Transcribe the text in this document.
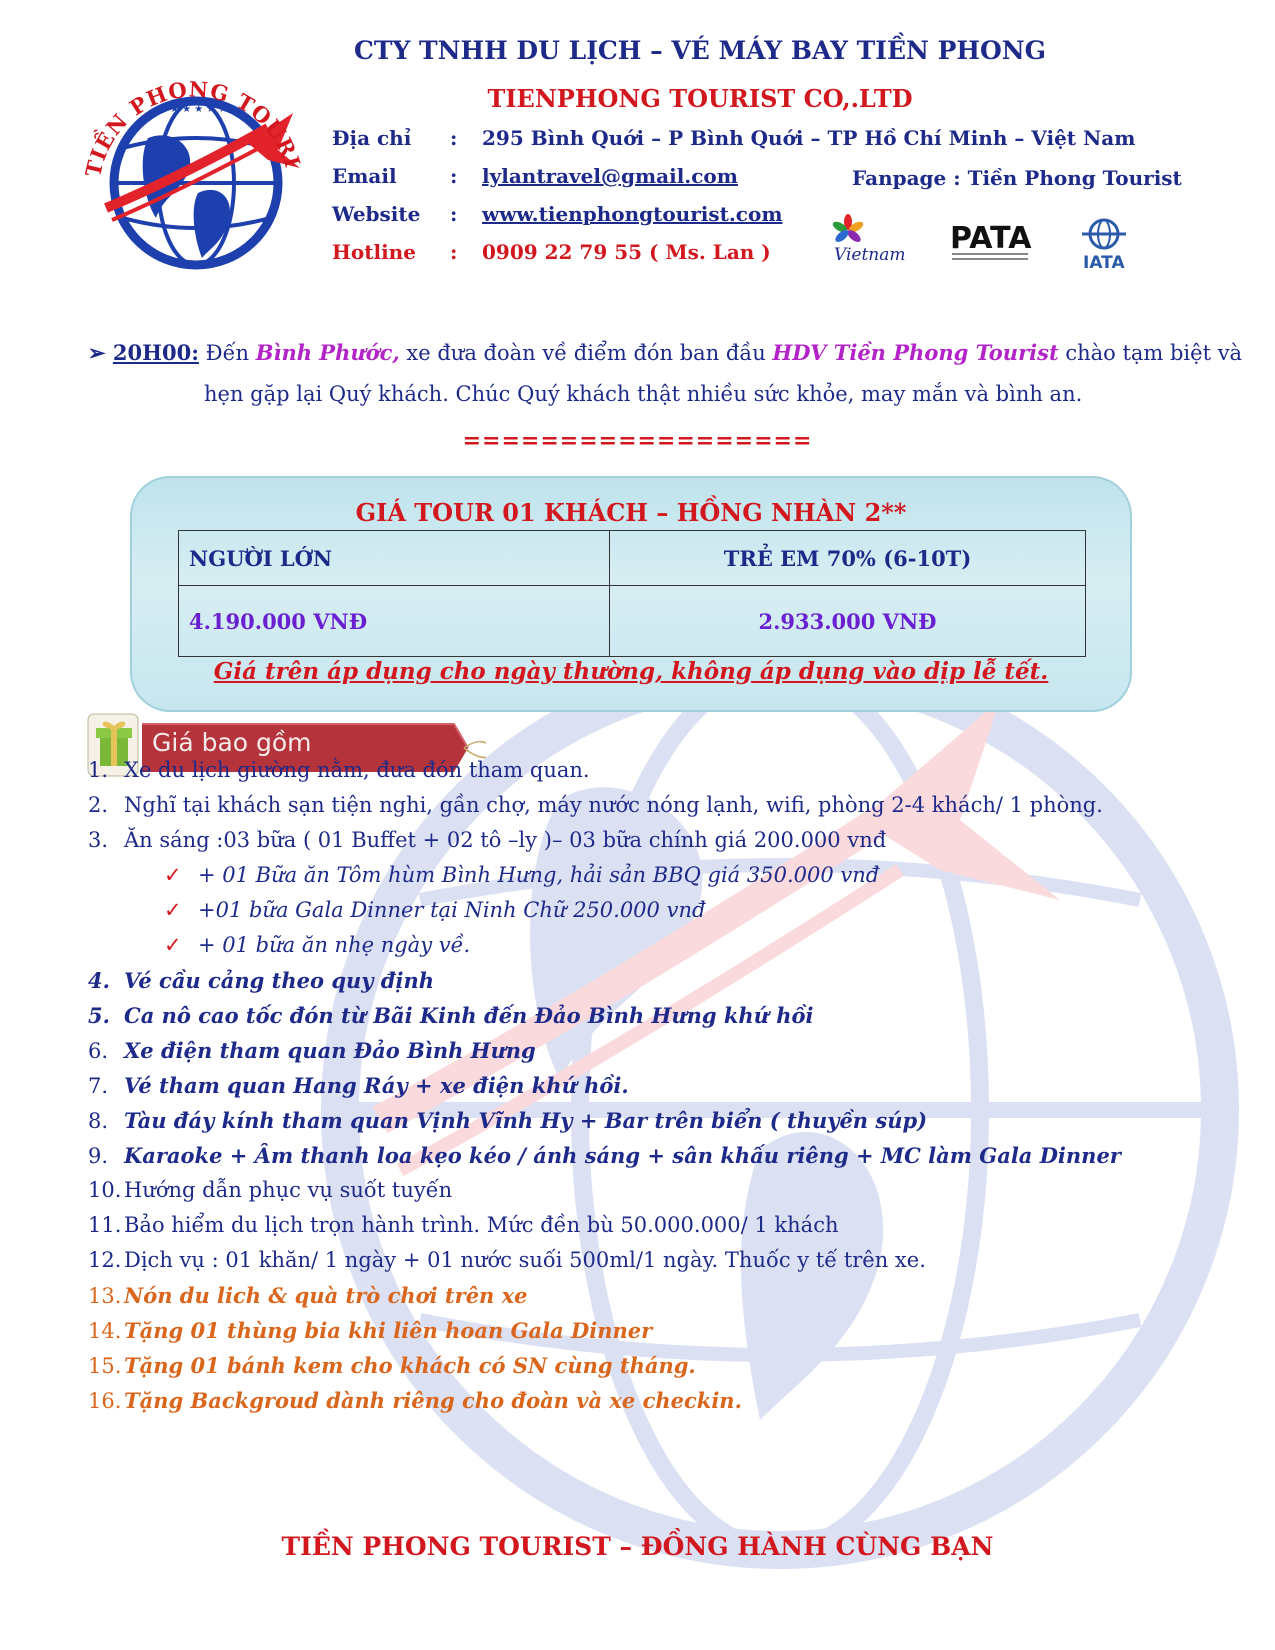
TIỀN PHONG TOURI
★ ★ ★ ★ ★
CTY TNHH DU LỊCH – VÉ MÁY BAY TIỀN PHONG
TIENPHONG TOURIST CO,.LTD
Địa chỉ	: 295 Bình Quới – P Bình Quới – TP Hồ Chí Minh – Việt Nam
Email	: lylantravel@gmail.com
Website	: www.tienphongtourist.com
Hotline	: 0909 22 79 55 ( Ms. Lan )
Fanpage : Tiền Phong Tourist
Vietnam PATA
IATA
➢ 20H00: Đến Bình Phước, xe đưa đoàn về điểm đón ban đầu HDV Tiền Phong Tourist chào tạm biệt và
hẹn gặp lại Quý khách. Chúc Quý khách thật nhiều sức khỏe, may mắn và bình an.
==================
GIÁ TOUR 01 KHÁCH – HỒNG NHÀN 2**
NGƯỜI LỚN	TRẺ EM 70% (6-10T)
4.190.000 VNĐ	2.933.000 VNĐ
Giá trên áp dụng cho ngày thường, không áp dụng vào dịp lễ tết.
Giá bao gồm
1. Xe du lịch giường nằm, đưa đón tham quan.
2. Nghĩ tại khách sạn tiện nghi, gần chợ, máy nước nóng lạnh, wifi, phòng 2-4 khách/ 1 phòng.
3. Ăn sáng :03 bữa ( 01 Buffet + 02 tô –ly )– 03 bữa chính giá 200.000 vnđ
✓ + 01 Bữa ăn Tôm hùm Bình Hưng, hải sản BBQ giá 350.000 vnđ
✓ +01 bữa Gala Dinner tại Ninh Chữ 250.000 vnđ
✓ + 01 bữa ăn nhẹ ngày về.
4. Vé cầu cảng theo quy định
5. Ca nô cao tốc đón từ Bãi Kinh đến Đảo Bình Hưng khứ hồi
6. Xe điện tham quan Đảo Bình Hưng
7. Vé tham quan Hang Ráy + xe điện khứ hồi.
8. Tàu đáy kính tham quan Vịnh Vĩnh Hy + Bar trên biển ( thuyền súp)
9. Karaoke + Âm thanh loa kẹo kéo / ánh sáng + sân khấu riêng + MC làm Gala Dinner
10. Hướng dẫn phục vụ suốt tuyến
11. Bảo hiểm du lịch trọn hành trình. Mức đền bù 50.000.000/ 1 khách
12. Dịch vụ : 01 khăn/ 1 ngày + 01 nước suối 500ml/1 ngày. Thuốc y tế trên xe.
13. Nón du lich & quà trò chơi trên xe
14. Tặng 01 thùng bia khi liên hoan Gala Dinner
15. Tặng 01 bánh kem cho khách có SN cùng tháng.
16. Tặng Backgroud dành riêng cho đoàn và xe checkin.
TIỀN PHONG TOURIST – ĐỒNG HÀNH CÙNG BẠN
